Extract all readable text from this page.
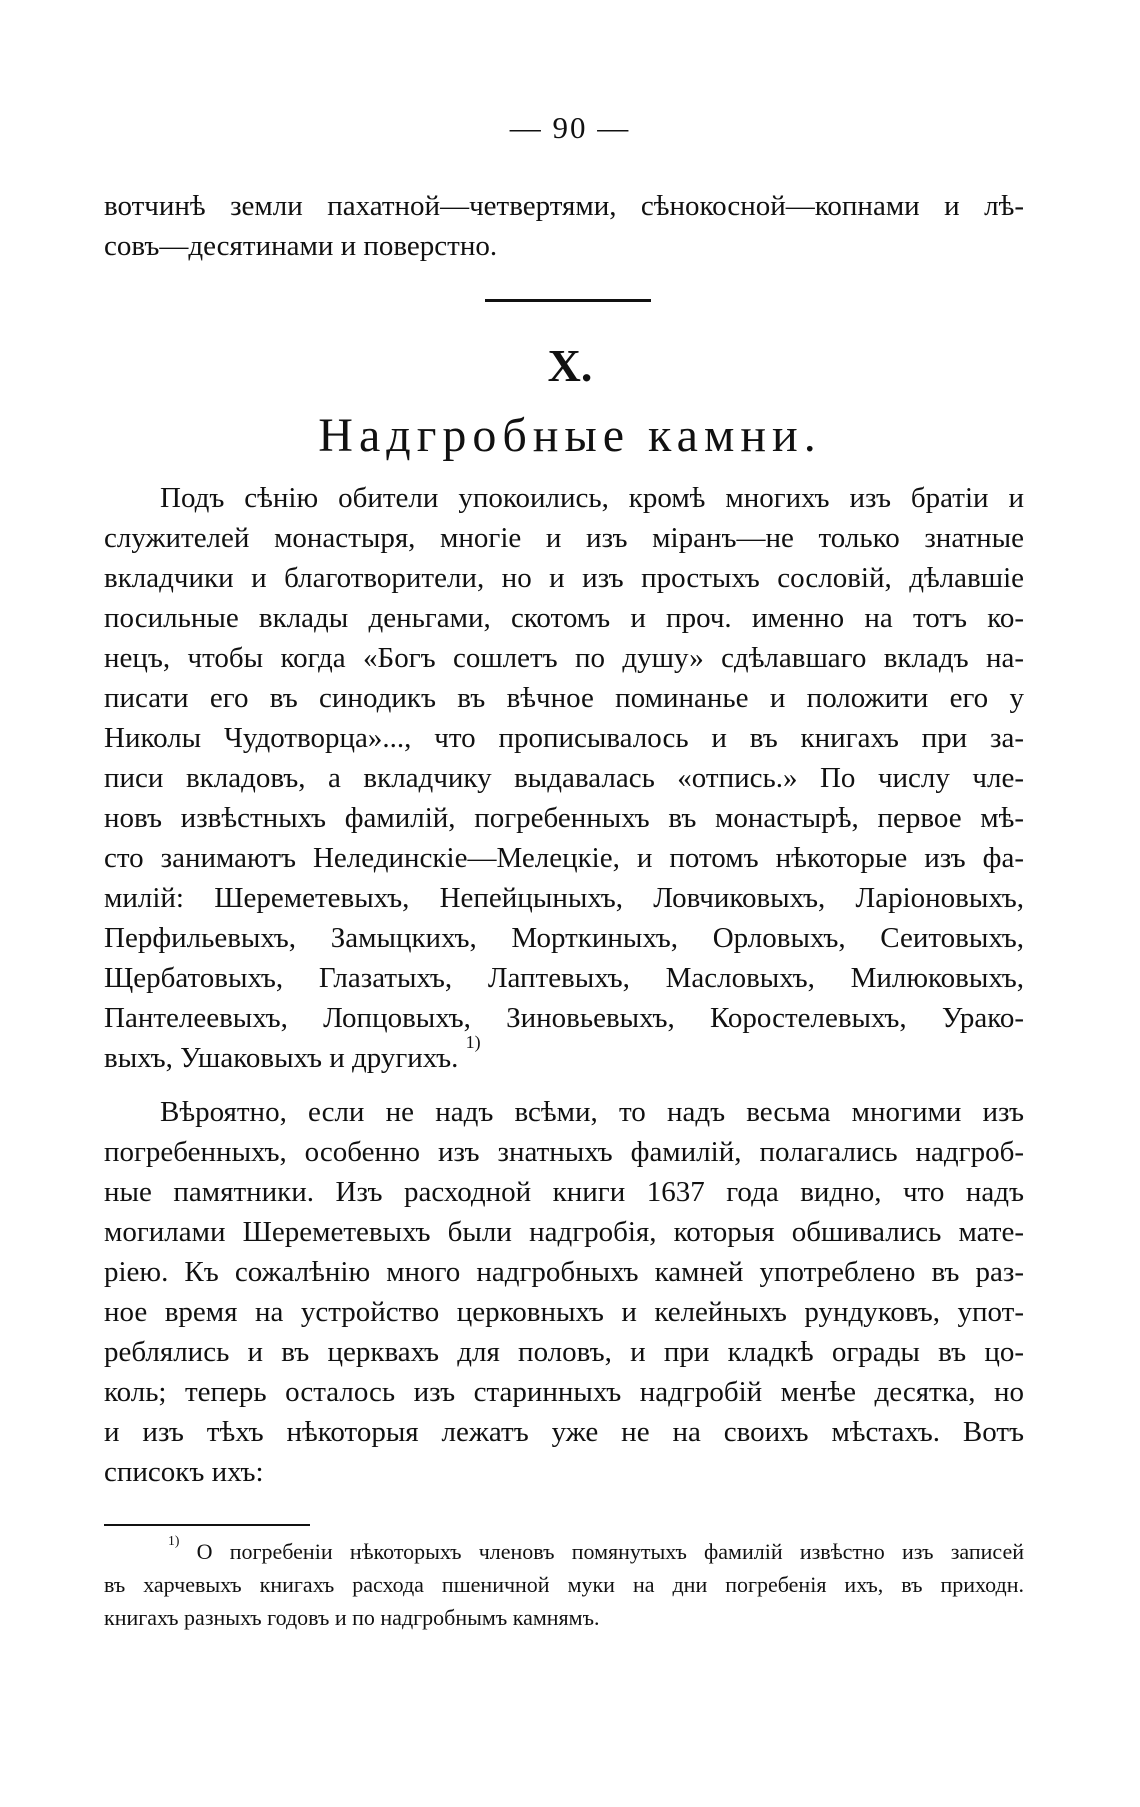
— 90 —
вотчинѣ земли пахатной—четвертями, сѣнокосной—копнами и лѣ-
совъ—десятинами и поверстно.
X.
Надгробные камни.
Подъ сѣнію обители упокоились, кромѣ многихъ изъ братіи и
служителей монастыря, многіе и изъ міранъ—не только знатные
вкладчики и благотворители, но и изъ простыхъ сословій, дѣлавшіе
посильные вклады деньгами, скотомъ и проч. именно на тотъ ко-
нецъ, чтобы когда «Богъ сошлетъ по душу» сдѣлавшаго вкладъ на-
писати его въ синодикъ въ вѣчное поминанье и положити его у
Николы Чудотворца»..., что прописывалось и въ книгахъ при за-
писи вкладовъ, а вкладчику выдавалась «отпись.» По числу чле-
новъ извѣстныхъ фамилій, погребенныхъ въ монастырѣ, первое мѣ-
сто занимаютъ Нелединскіе—Мелецкіе, и потомъ нѣкоторые изъ фа-
милій: Шереметевыхъ, Непейцыныхъ, Ловчиковыхъ, Ларіоновыхъ,
Перфильевыхъ, Замыцкихъ, Морткиныхъ, Орловыхъ, Сеитовыхъ,
Щербатовыхъ, Глазатыхъ, Лаптевыхъ, Масловыхъ, Милюковыхъ,
Пантелеевыхъ, Лопцовыхъ, Зиновьевыхъ, Коростелевыхъ, Урако-
выхъ, Ушаковыхъ и другихъ. $^{1)}$
Вѣроятно, если не надъ всѣми, то надъ весьма многими изъ
погребенныхъ, особенно изъ знатныхъ фамилій, полагались надгроб-
ные памятники. Изъ расходной книги 1637 года видно, что надъ
могилами Шереметевыхъ были надгробія, которыя обшивались мате-
ріею. Къ сожалѣнію много надгробныхъ камней употреблено въ раз-
ное время на устройство церковныхъ и келейныхъ рундуковъ, упот-
реблялись и въ церквахъ для половъ, и при кладкѣ ограды въ цо-
коль; теперь осталось изъ старинныхъ надгробій менѣе десятка, но
и изъ тѣхъ нѣкоторыя лежатъ уже не на своихъ мѣстахъ. Вотъ
списокъ ихъ:
$^{1)}$ О погребеніи нѣкоторыхъ членовъ помянутыхъ фамилій извѣстно изъ записей
въ харчевыхъ книгахъ расхода пшеничной муки на дни погребенія ихъ, въ приходн.
книгахъ разныхъ годовъ и по надгробнымъ камнямъ.
